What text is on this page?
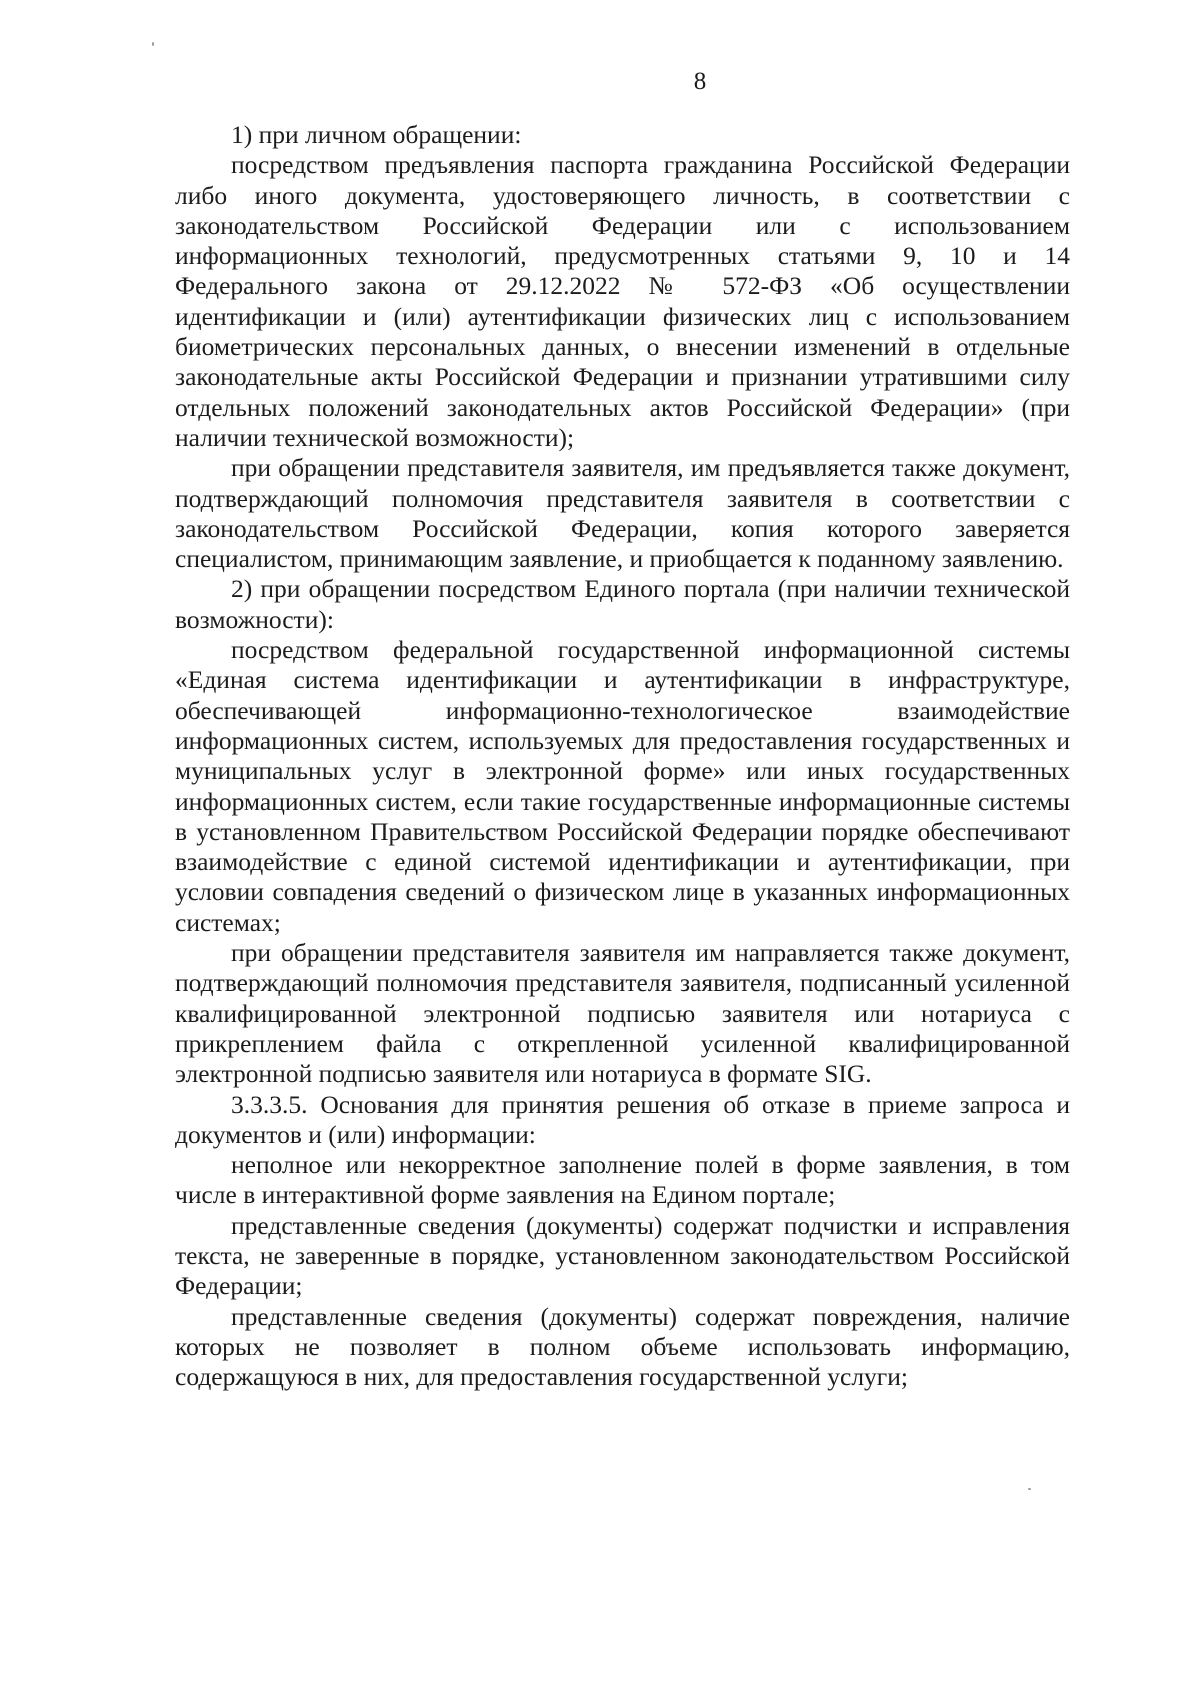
8

1) при личном обращении:

посредством предъявления паспорта гражданина Российской Федерации либо иного документа, удостоверяющего личность, в соответствии с законодательством Российской Федерации или с использованием информационных технологий, предусмотренных статьями 9, 10 и 14 Федерального закона от 29.12.2022 № 572-ФЗ «Об осуществлении идентификации и (или) аутентификации физических лиц с использованием биометрических персональных данных, о внесении изменений в отдельные законодательные акты Российской Федерации и признании утратившими силу отдельных положений законодательных актов Российской Федерации» (при наличии технической возможности);

при обращении представителя заявителя, им предъявляется также документ, подтверждающий полномочия представителя заявителя в соответствии с законодательством Российской Федерации, копия которого заверяется специалистом, принимающим заявление, и приобщается к поданному заявлению.

2) при обращении посредством Единого портала (при наличии технической возможности):

посредством федеральной государственной информационной системы «Единая система идентификации и аутентификации в инфраструктуре, обеспечивающей информационно-технологическое взаимодействие информационных систем, используемых для предоставления государственных и муниципальных услуг в электронной форме» или иных государственных информационных систем, если такие государственные информационные системы в установленном Правительством Российской Федерации порядке обеспечивают взаимодействие с единой системой идентификации и аутентификации, при условии совпадения сведений о физическом лице в указанных информационных системах;

при обращении представителя заявителя им направляется также документ, подтверждающий полномочия представителя заявителя, подписанный усиленной квалифицированной электронной подписью заявителя или нотариуса с прикреплением файла с открепленной усиленной квалифицированной электронной подписью заявителя или нотариуса в формате SIG.

3.3.3.5. Основания для принятия решения об отказе в приеме запроса и документов и (или) информации:

неполное или некорректное заполнение полей в форме заявления, в том числе в интерактивной форме заявления на Едином портале;

представленные сведения (документы) содержат подчистки и исправления текста, не заверенные в порядке, установленном законодательством Российской Федерации;

представленные сведения (документы) содержат повреждения, наличие которых не позволяет в полном объеме использовать информацию, содержащуюся в них, для предоставления государственной услуги;
